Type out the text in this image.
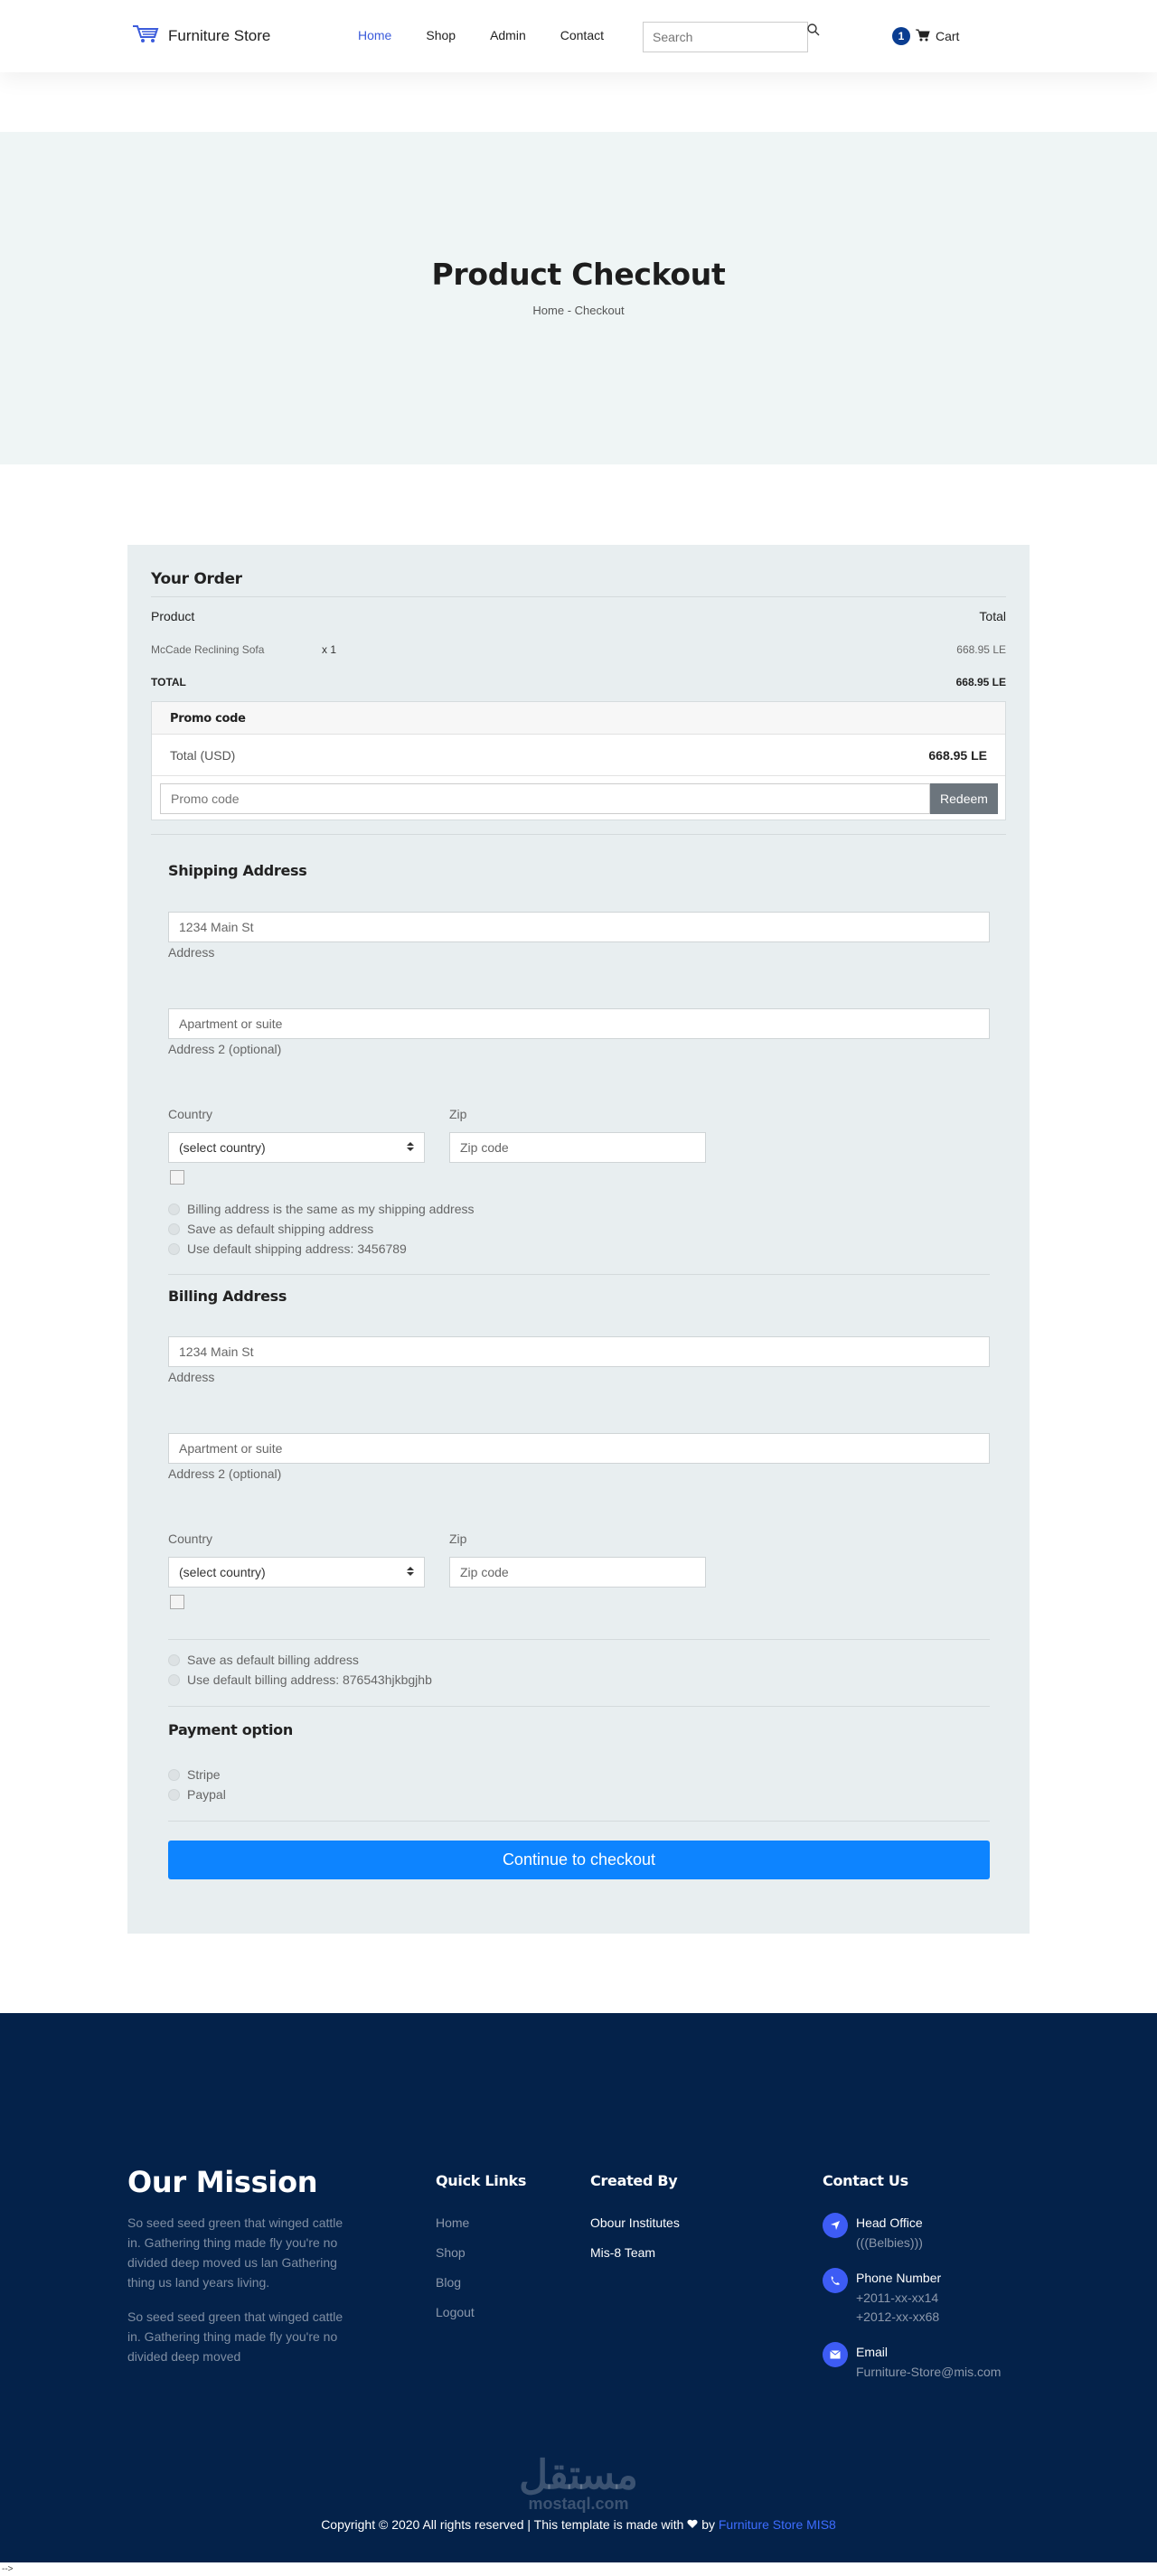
Furniture Store	Home	Shop	Admin	Contact
Search	1	Cart
Product Checkout
Home - Checkout
Your Order
Product	Total
McCade Reclining Sofa	x 1	668.95 LE
TOTAL	668.95 LE
Promo code
Total (USD)	668.95 LE
Promo code
Redeem
Shipping Address
1234 Main St
Address
Apartment or suite
Address 2 (optional)
Country
(select country)
Zip
Zip code
Billing address is the same as my shipping address
Save as default shipping address
Use default shipping address: 3456789
Billing Address
1234 Main St
Address
Apartment or suite
Address 2 (optional)
Country
(select country)
Zip
Zip code
Save as default billing address
Use default billing address: 876543hjkbgjhb
Payment option
Stripe
Paypal
Continue to checkout
Our Mission
So seed seed green that winged cattle in. Gathering thing made fly you're no divided deep moved us lan Gathering thing us land years living.
So seed seed green that winged cattle in. Gathering thing made fly you're no divided deep moved
Quick Links
Home
Shop
Blog
Logout
Created By
Obour Institutes
Mis-8 Team
Contact Us
Head Office
(((Belbies)))
Phone Number
+2011-xx-xx14
+2012-xx-xx68
Email
Furniture-Store@mis.com
مستقل
mostaql.com
Copyright © 2020 All rights reserved | This template is made with by Furniture Store MIS8
-->
